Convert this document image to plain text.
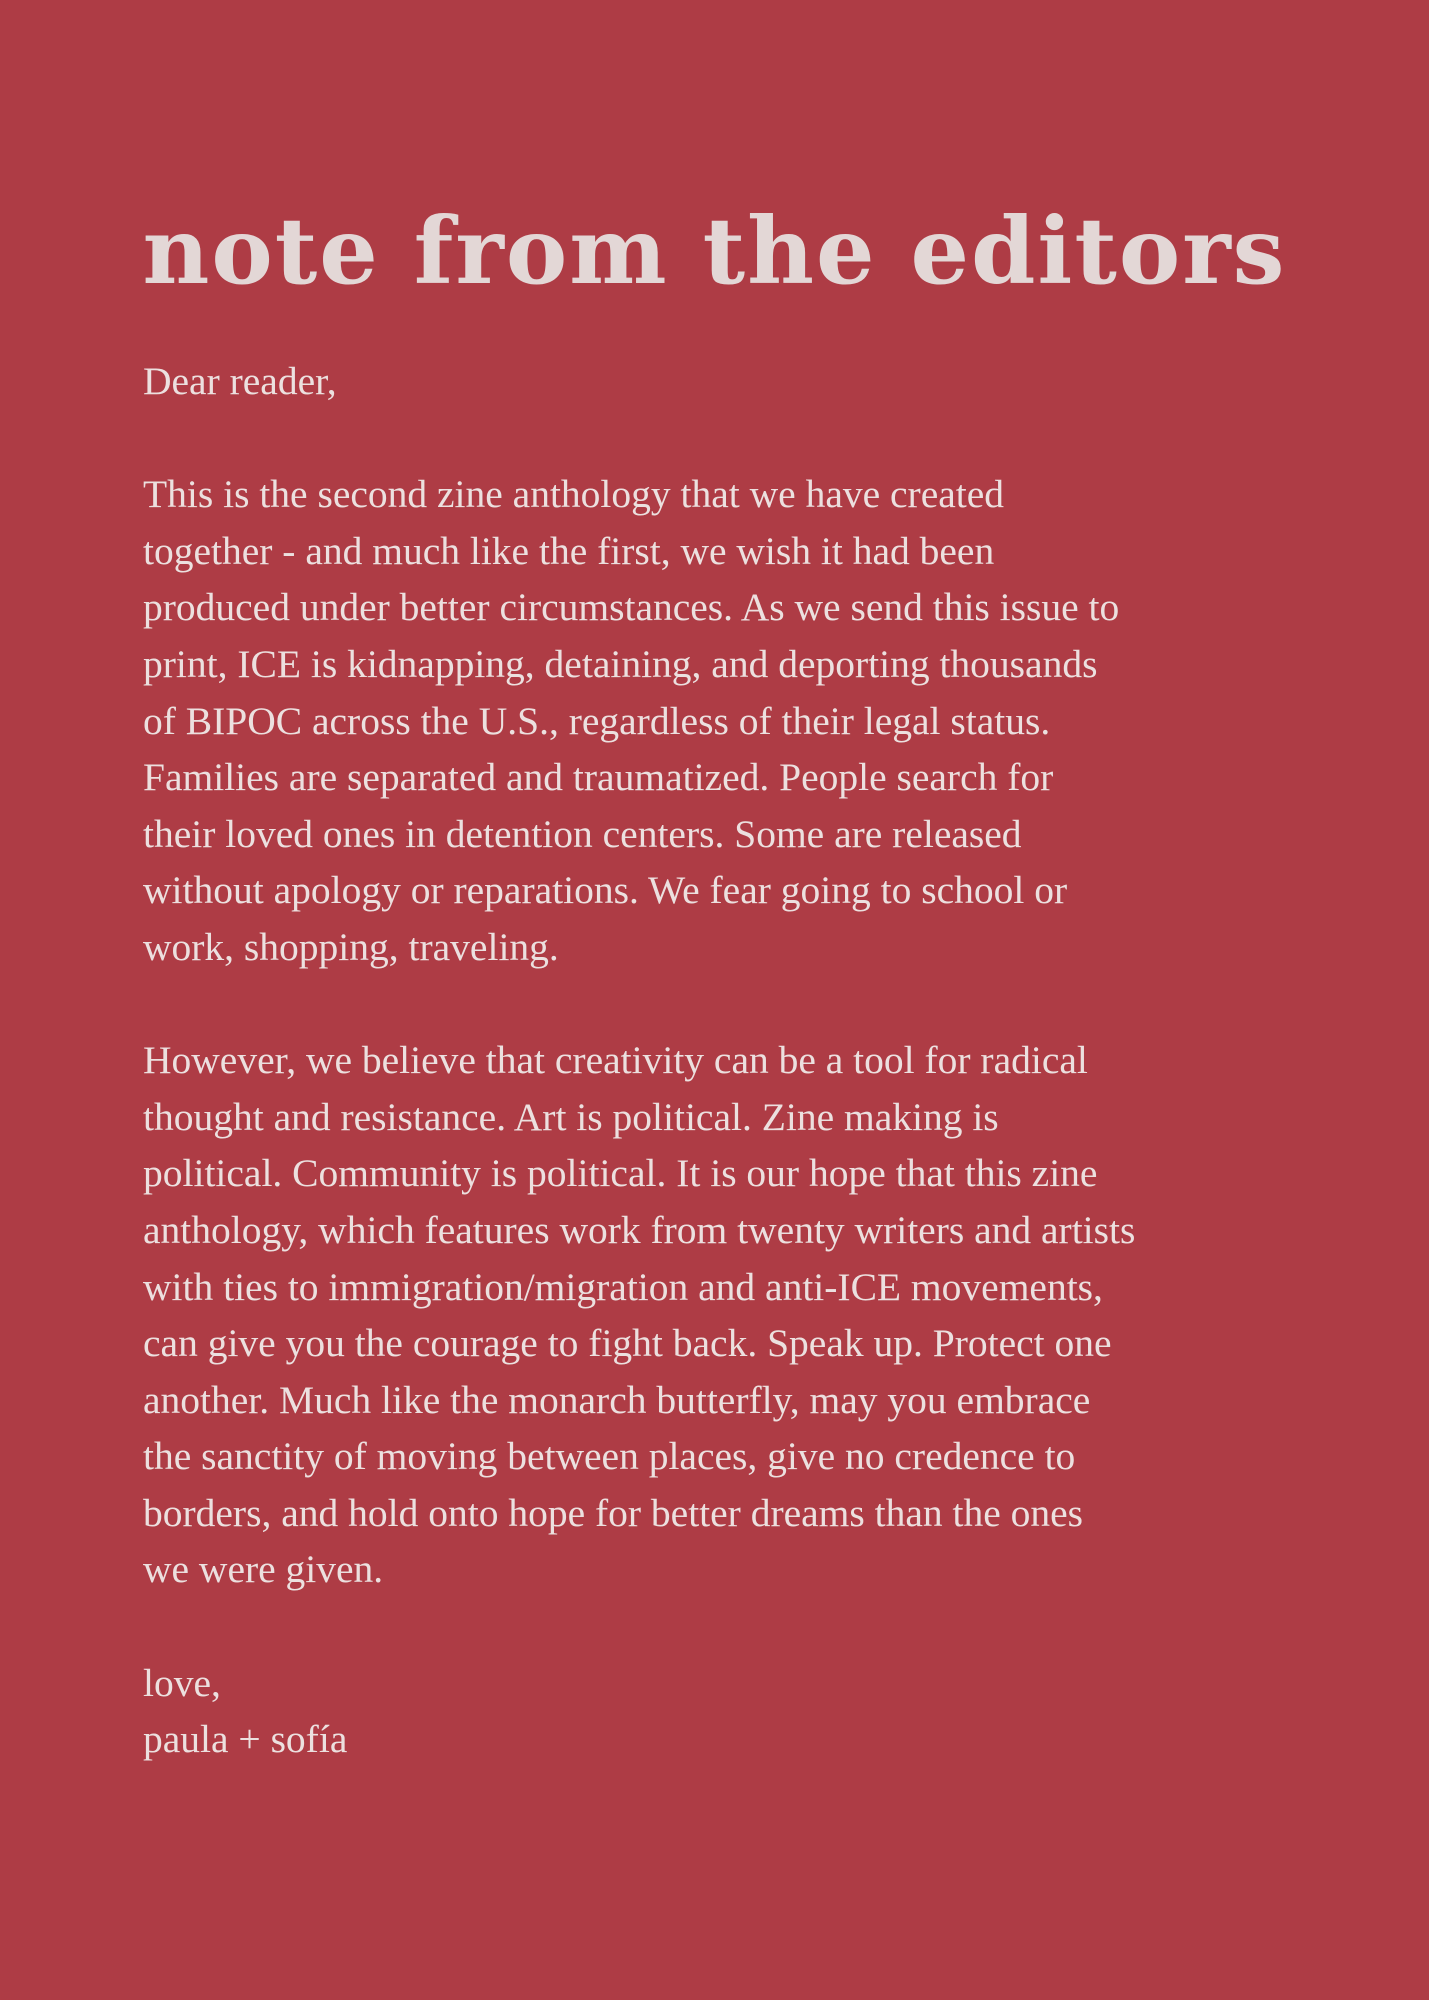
note from the editors

Dear reader,

This is the second zine anthology that we have created
together - and much like the first, we wish it had been
produced under better circumstances. As we send this issue to
print, ICE is kidnapping, detaining, and deporting thousands
of BIPOC across the U.S., regardless of their legal status.
Families are separated and traumatized. People search for
their loved ones in detention centers. Some are released
without apology or reparations. We fear going to school or
work, shopping, traveling.

However, we believe that creativity can be a tool for radical
thought and resistance. Art is political. Zine making is
political. Community is political. It is our hope that this zine
anthology, which features work from twenty writers and artists
with ties to immigration/migration and anti-ICE movements,
can give you the courage to fight back. Speak up. Protect one
another. Much like the monarch butterfly, may you embrace
the sanctity of moving between places, give no credence to
borders, and hold onto hope for better dreams than the ones
we were given.

love,
paula + sofía
